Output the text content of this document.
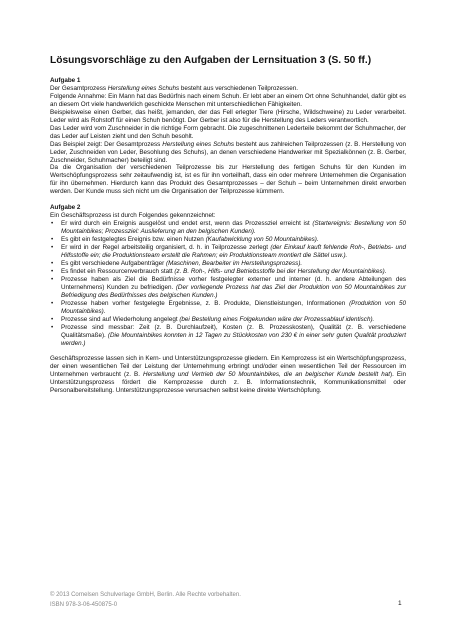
Lösungsvorschläge zu den Aufgaben der Lernsituation 3 (S. 50 ff.)

Aufgabe 1

Der Gesamtprozess Herstellung eines Schuhs besteht aus verschiedenen Teilprozessen.

Folgende Annahme: Ein Mann hat das Bedürfnis nach einem Schuh. Er lebt aber an einem Ort ohne Schuhhandel, dafür gibt es an diesem Ort viele handwerklich geschickte Menschen mit unterschiedlichen Fähigkeiten.

Beispielsweise einen Gerber, das heißt, jemanden, der das Fell erlegter Tiere (Hirsche, Wildschweine) zu Leder verarbeitet. Leder wird als Rohstoff für einen Schuh benötigt. Der Gerber ist also für die Herstellung des Leders verantwortlich.

Das Leder wird vom Zuschneider in die richtige Form gebracht. Die zugeschnittenen Lederteile bekommt der Schuhmacher, der das Leder auf Leisten zieht und den Schuh besohlt.

Das Beispiel zeigt: Der Gesamtprozess Herstellung eines Schuhs besteht aus zahlreichen Teilprozessen (z. B. Herstellung von Leder, Zuschneiden von Leder, Besohlung des Schuhs), an denen verschiedene Handwerker mit Spezialkönnen (z. B. Gerber, Zuschneider, Schuhmacher) beteiligt sind.

Da die Organisation der verschiedenen Teilprozesse bis zur Herstellung des fertigen Schuhs für den Kunden im Wertschöpfungsprozess sehr zeitaufwendig ist, ist es für ihn vorteilhaft, dass ein oder mehrere Unternehmen die Organisation für ihn übernehmen. Hierdurch kann das Produkt des Gesamtprozesses – der Schuh – beim Unternehmen direkt erworben werden. Der Kunde muss sich nicht um die Organisation der Teilprozesse kümmern.

Aufgabe 2

Ein Geschäftsprozess ist durch Folgendes gekennzeichnet:

• Er wird durch ein Ereignis ausgelöst und endet erst, wenn das Prozessziel erreicht ist (Starterеignis: Bestellung von 50 Mountainbikes; Prozessziel: Auslieferung an den belgischen Kunden).
• Es gibt ein festgelegtes Ereignis bzw. einen Nutzen (Kaufabwicklung von 50 Mountainbikes).
• Er wird in der Regel arbeitsteilig organisiert, d. h. in Teilprozesse zerlegt (der Einkauf kauft fehlende Roh-, Betriebs- und Hilfsstoffe ein; die Produktionsteam erstellt die Rahmen; ein Produktionsteam montiert die Sättel usw.).
• Es gibt verschiedene Aufgabenträger (Maschinen, Bearbeiter im Herstellungsprozess).
• Es findet ein Ressourcenverbrauch statt (z. B. Roh-, Hilfs- und Betriebsstoffe bei der Herstellung der Mountainbikes).
• Prozesse haben als Ziel die Bedürfnisse vorher festgelegter externer und interner (d. h. andere Abteilungen des Unternehmens) Kunden zu befriedigen. (Der vorliegende Prozess hat das Ziel der Produktion von 50 Mountainbikes zur Befriedigung des Bedürfnisses des belgischen Kunden.)
• Prozesse haben vorher festgelegte Ergebnisse, z. B. Produkte, Dienstleistungen, Informationen (Produktion von 50 Mountainbikes).
• Prozesse sind auf Wiederholung angelegt (bei Bestellung eines Folgekunden wäre der Prozessablauf identisch).
• Prozesse sind messbar: Zeit (z. B. Durchlaufzeit), Kosten (z. B. Prozesskosten), Qualität (z. B. verschiedene Qualitätsmaße). (Die Mountainbikes konnten in 12 Tagen zu Stückkosten von 230 € in einer sehr guten Qualität produziert werden.)

Geschäftsprozesse lassen sich in Kern- und Unterstützungsprozesse gliedern. Ein Kernprozess ist ein Wertschöpfungsprozess, der einen wesentlichen Teil der Leistung der Unternehmung erbringt und/oder einen wesentlichen Teil der Ressourcen im Unternehmen verbraucht (z. B. Herstellung und Vertrieb der 50 Mountainbikes, die an belgischer Kunde bestellt hat). Ein Unterstützungsprozess fördert die Kernprozesse durch z. B. Informationstechnik, Kommunikationsmittel oder Personalbereitstellung. Unterstützungsprozesse verursachen selbst keine direkte Wertschöpfung.

© 2013 Cornelsen Schulverlage GmbH, Berlin. Alle Rechte vorbehalten.
ISBN 978-3-06-450875-0	1
